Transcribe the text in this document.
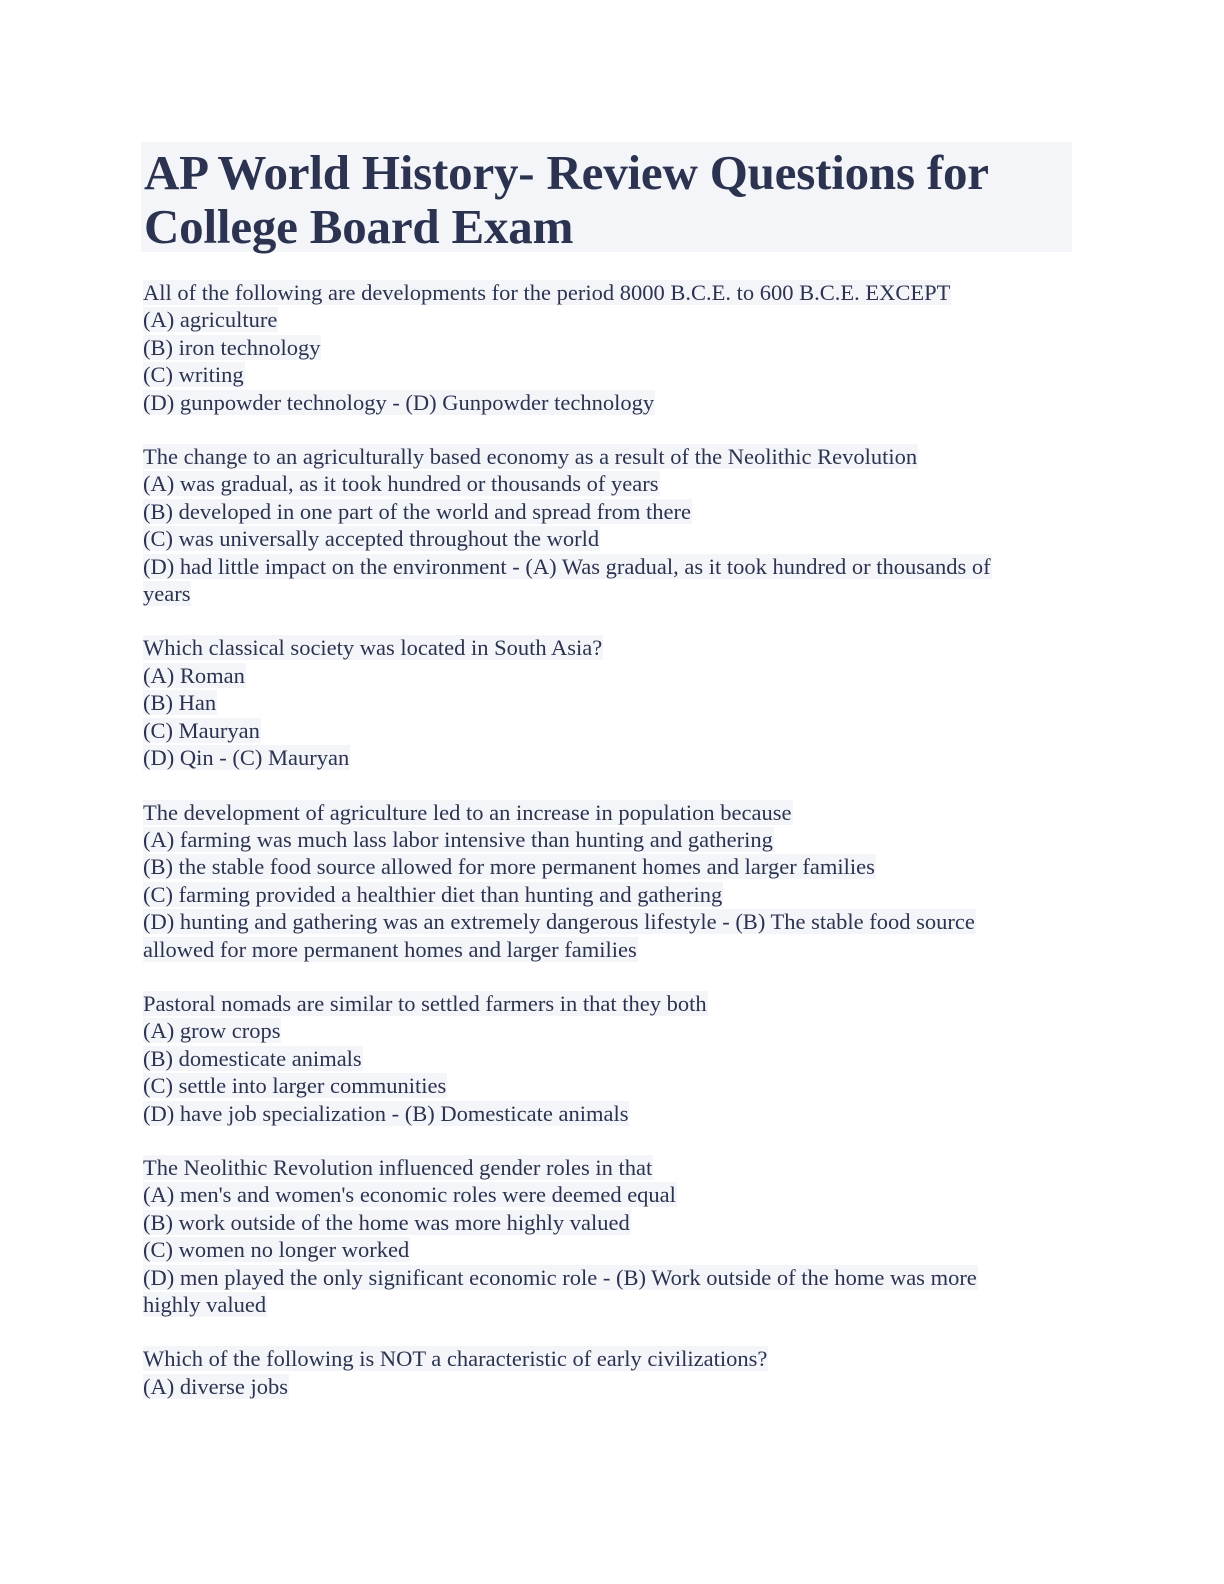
AP World History- Review Questions for
College Board Exam
All of the following are developments for the period 8000 B.C.E. to 600 B.C.E. EXCEPT
(A) agriculture
(B) iron technology
(C) writing
(D) gunpowder technology - (D) Gunpowder technology
The change to an agriculturally based economy as a result of the Neolithic Revolution
(A) was gradual, as it took hundred or thousands of years
(B) developed in one part of the world and spread from there
(C) was universally accepted throughout the world
(D) had little impact on the environment - (A) Was gradual, as it took hundred or thousands of
years
Which classical society was located in South Asia?
(A) Roman
(B) Han
(C) Mauryan
(D) Qin - (C) Mauryan
The development of agriculture led to an increase in population because
(A) farming was much lass labor intensive than hunting and gathering
(B) the stable food source allowed for more permanent homes and larger families
(C) farming provided a healthier diet than hunting and gathering
(D) hunting and gathering was an extremely dangerous lifestyle - (B) The stable food source
allowed for more permanent homes and larger families
Pastoral nomads are similar to settled farmers in that they both
(A) grow crops
(B) domesticate animals
(C) settle into larger communities
(D) have job specialization - (B) Domesticate animals
The Neolithic Revolution influenced gender roles in that
(A) men's and women's economic roles were deemed equal
(B) work outside of the home was more highly valued
(C) women no longer worked
(D) men played the only significant economic role - (B) Work outside of the home was more
highly valued
Which of the following is NOT a characteristic of early civilizations?
(A) diverse jobs
